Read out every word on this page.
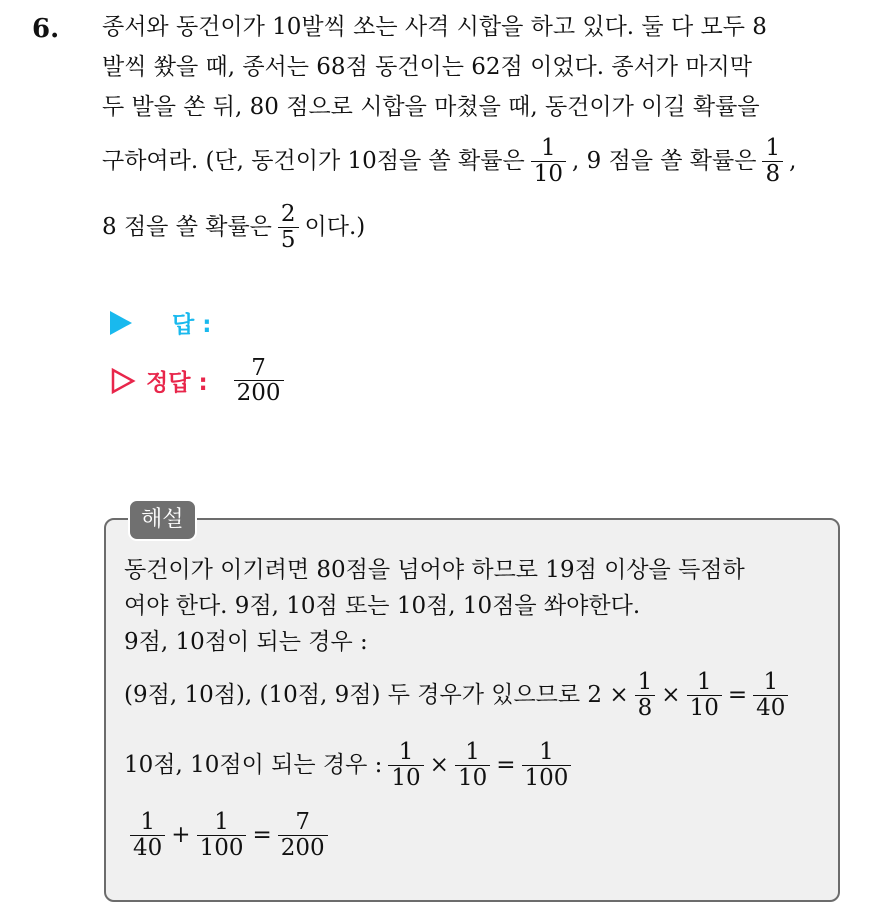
6. 종서와 동건이가 10발씩 쏘는 사격 시합을 하고 있다. 둘 다 모두 8
발씩 쐈을 때, 종서는 68점 동건이는 62점 이었다. 종서가 마지막
두 발을 쏜 뒤, 80 점으로 시합을 마쳤을 때, 동건이가 이길 확률을
구하여라. (단, 동건이가 10점을 쏠 확률은 $\frac{1}{10}$ , 9 점을 쏠 확률은 $\frac{1}{8}$ ,
8 점을 쏠 확률은 $\frac{2}{5}$ 이다.)
답 :
정답 : $\frac{7}{200}$
해설
동건이가 이기려면 80점을 넘어야 하므로 19점 이상을 득점하
여야 한다. 9점, 10점 또는 10점, 10점을 쏴야한다.
9점, 10점이 되는 경우 :
(9점, 10점), (10점, 9점) 두 경우가 있으므로 $2 \times \frac{1}{8} \times \frac{1}{10} = \frac{1}{40}$
10점, 10점이 되는 경우 : $\frac{1}{10} \times \frac{1}{10} = \frac{1}{100}$
$\frac{1}{40} + \frac{1}{100} = \frac{7}{200}$
